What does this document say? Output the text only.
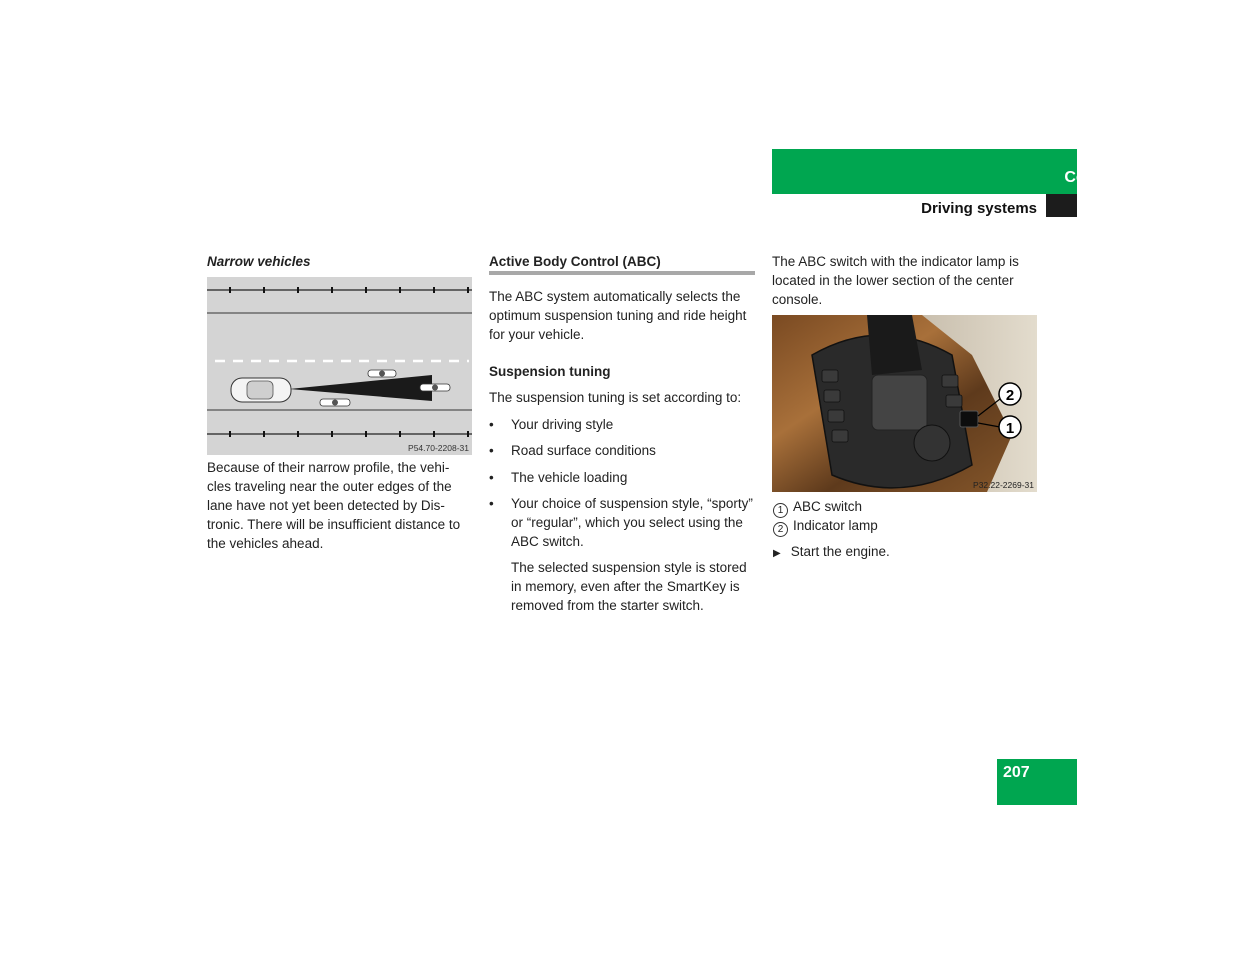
Controls in detail
Driving systems
Narrow vehicles
P54.70-2208-31
Because of their narrow profile, the vehi-cles traveling near the outer edges of the lane have not yet been detected by Dis-tronic. There will be insufficient distance to the vehicles ahead.
Active Body Control (ABC)
The ABC system automatically selects the optimum suspension tuning and ride height for your vehicle.
Suspension tuning
The suspension tuning is set according to:
• Your driving style
• Road surface conditions
• The vehicle loading
• Your choice of suspension style, “sporty” or “regular”, which you select using the ABC switch.
The selected suspension style is stored in memory, even after the SmartKey is removed from the starter switch.
The ABC switch with the indicator lamp is located in the lower section of the center console.
2
1
P32.22-2269-31
1 ABC switch
2 Indicator lamp
▶ Start the engine.
207
